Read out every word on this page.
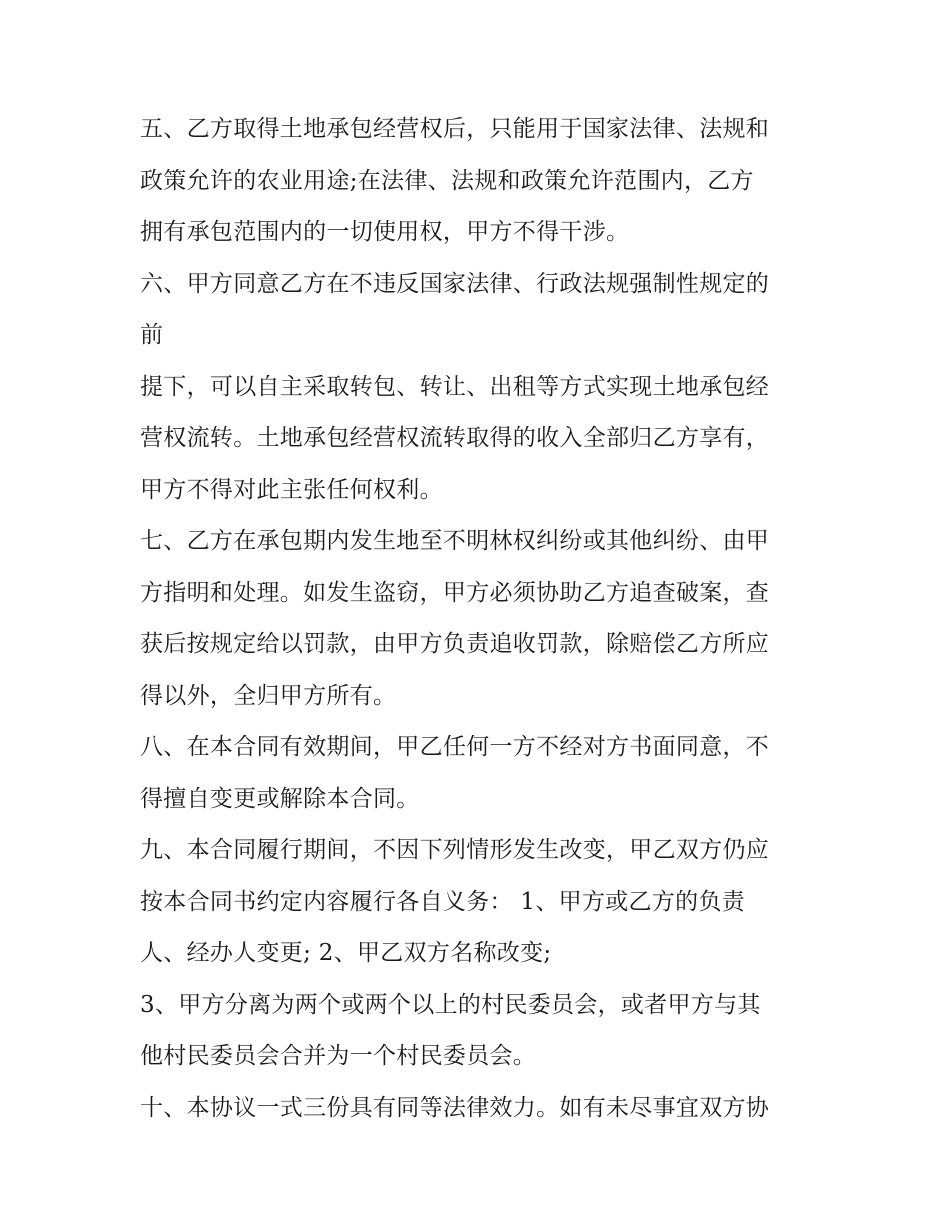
五、乙方取得土地承包经营权后，只能用于国家法律、法规和
政策允许的农业用途;在法律、法规和政策允许范围内，乙方
拥有承包范围内的一切使用权，甲方不得干涉。
六、甲方同意乙方在不违反国家法律、行政法规强制性规定的
前
提下，可以自主采取转包、转让、出租等方式实现土地承包经
营权流转。土地承包经营权流转取得的收入全部归乙方享有，
甲方不得对此主张任何权利。
七、乙方在承包期内发生地至不明林权纠纷或其他纠纷、由甲
方指明和处理。如发生盗窃，甲方必须协助乙方追查破案，查
获后按规定给以罚款，由甲方负责追收罚款，除赔偿乙方所应
得以外，全归甲方所有。
八、在本合同有效期间，甲乙任何一方不经对方书面同意，不
得擅自变更或解除本合同。
九、本合同履行期间，不因下列情形发生改变，甲乙双方仍应
按本合同书约定内容履行各自义务： 1、甲方或乙方的负责
人、经办人变更; 2、甲乙双方名称改变;
3、甲方分离为两个或两个以上的村民委员会，或者甲方与其
他村民委员会合并为一个村民委员会。
十、本协议一式三份具有同等法律效力。如有未尽事宜双方协
